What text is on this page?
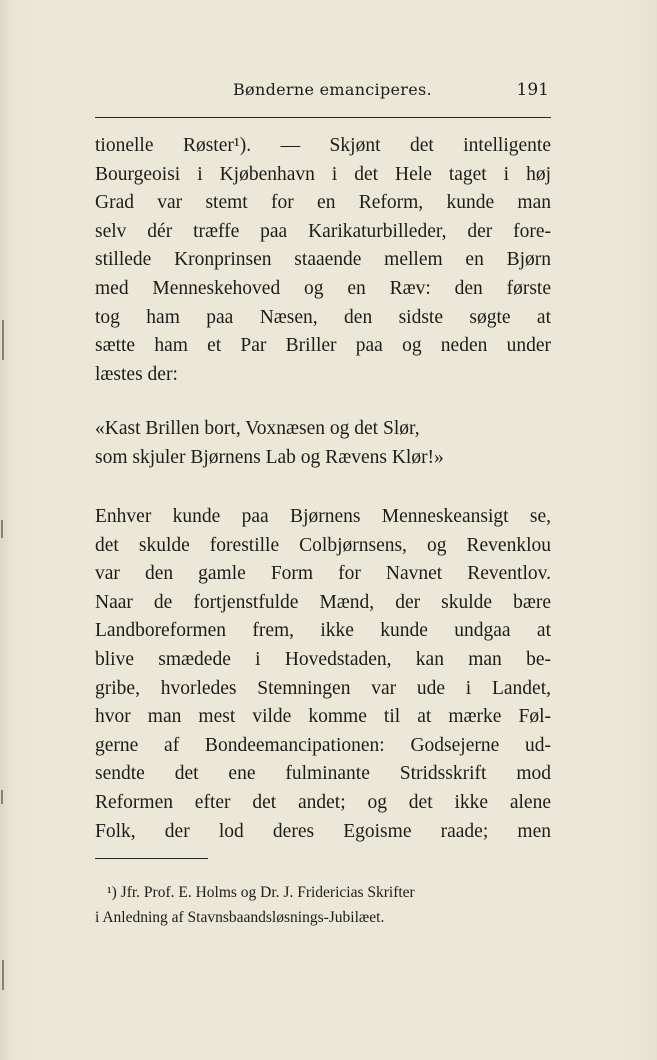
Bønderne emanciperes.	191
tionelle Røster¹). — Skjønt det intelligente
Bourgeoisi i Kjøbenhavn i det Hele taget i høj
Grad var stemt for en Reform, kunde man
selv dér træffe paa Karikaturbilleder, der fore-
stillede Kronprinsen staaende mellem en Bjørn
med Menneskehoved og en Ræv: den første
tog ham paa Næsen, den sidste søgte at
sætte ham et Par Briller paa og neden under
læstes der:
«Kast Brillen bort, Voxnæsen og det Slør,
som skjuler Bjørnens Lab og Rævens Klør!»
Enhver kunde paa Bjørnens Menneskeansigt se,
det skulde forestille Colbjørnsens, og Revenklou
var den gamle Form for Navnet Reventlov.
Naar de fortjenstfulde Mænd, der skulde bære
Landboreformen frem, ikke kunde undgaa at
blive smædede i Hovedstaden, kan man be-
gribe, hvorledes Stemningen var ude i Landet,
hvor man mest vilde komme til at mærke Føl-
gerne af Bondeemancipationen: Godsejerne ud-
sendte det ene fulminante Stridsskrift mod
Reformen efter det andet; og det ikke alene
Folk, der lod deres Egoisme raade; men
¹) Jfr. Prof. E. Holms og Dr. J. Fridericias Skrifter
i Anledning af Stavnsbaandsløsnings-Jubilæet.
